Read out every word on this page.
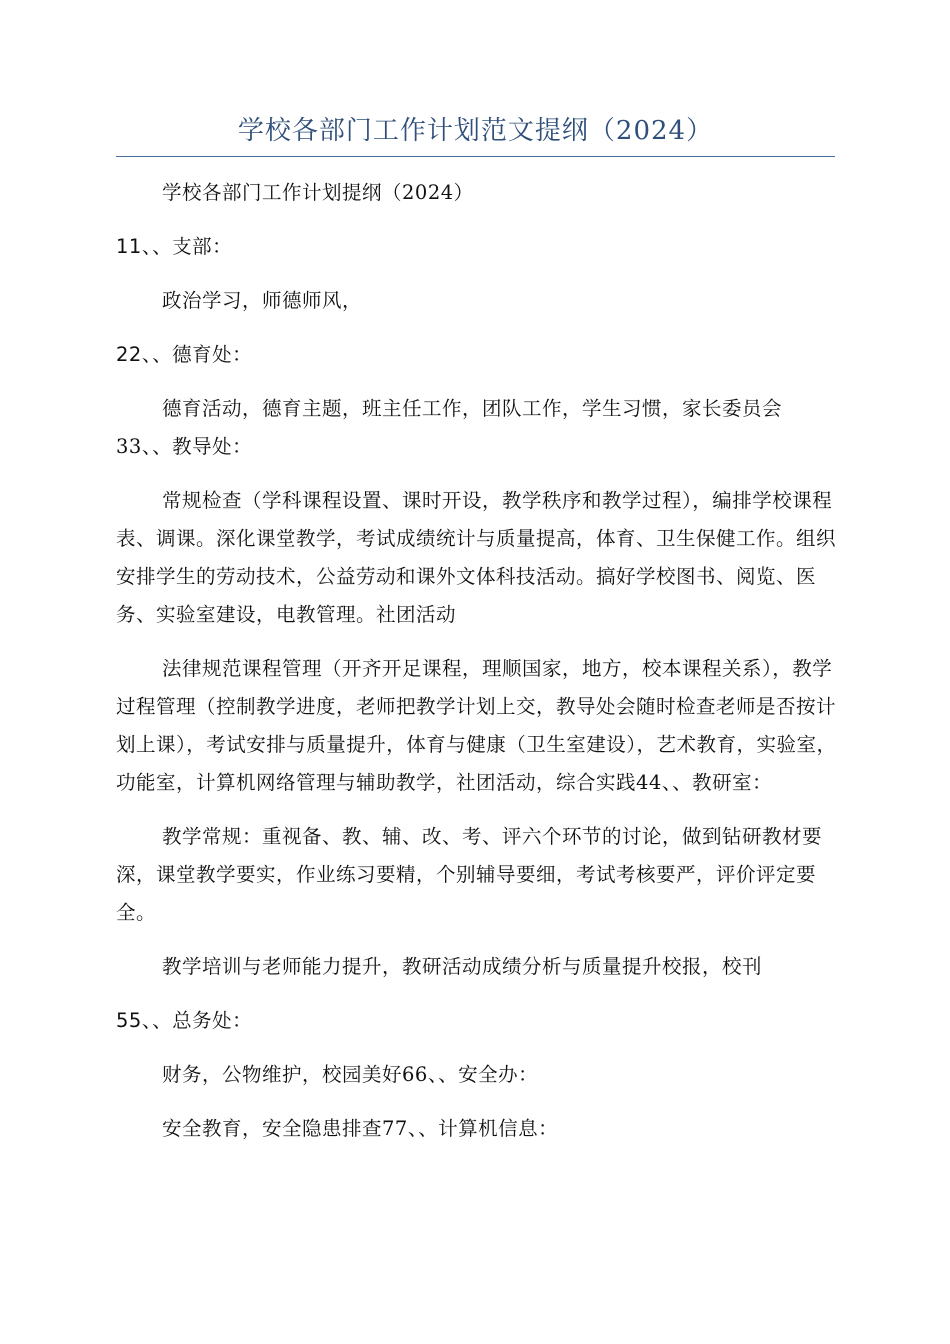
学校各部门工作计划范文提纲（2024）

学校各部门工作计划提纲（2024）

11、、支部：

政治学习，师德师风，

22、、德育处：

德育活动，德育主题，班主任工作，团队工作，学生习惯，家长委员会33、、教导处：

常规检查（学科课程设置、课时开设，教学秩序和教学过程），编排学校课程表、调课。深化课堂教学，考试成绩统计与质量提高，体育、卫生保健工作。组织安排学生的劳动技术，公益劳动和课外文体科技活动。搞好学校图书、阅览、医务、实验室建设，电教管理。社团活动

法律规范课程管理（开齐开足课程，理顺国家，地方，校本课程关系），教学过程管理（控制教学进度，老师把教学计划上交，教导处会随时检查老师是否按计划上课），考试安排与质量提升，体育与健康（卫生室建设），艺术教育，实验室，功能室，计算机网络管理与辅助教学，社团活动，综合实践44、、教研室：

教学常规：重视备、教、辅、改、考、评六个环节的讨论，做到钻研教材要深，课堂教学要实，作业练习要精，个别辅导要细，考试考核要严，评价评定要全。

教学培训与老师能力提升，教研活动成绩分析与质量提升校报，校刊

55、、总务处：

财务，公物维护，校园美好66、、安全办：

安全教育，安全隐患排查77、、计算机信息：
